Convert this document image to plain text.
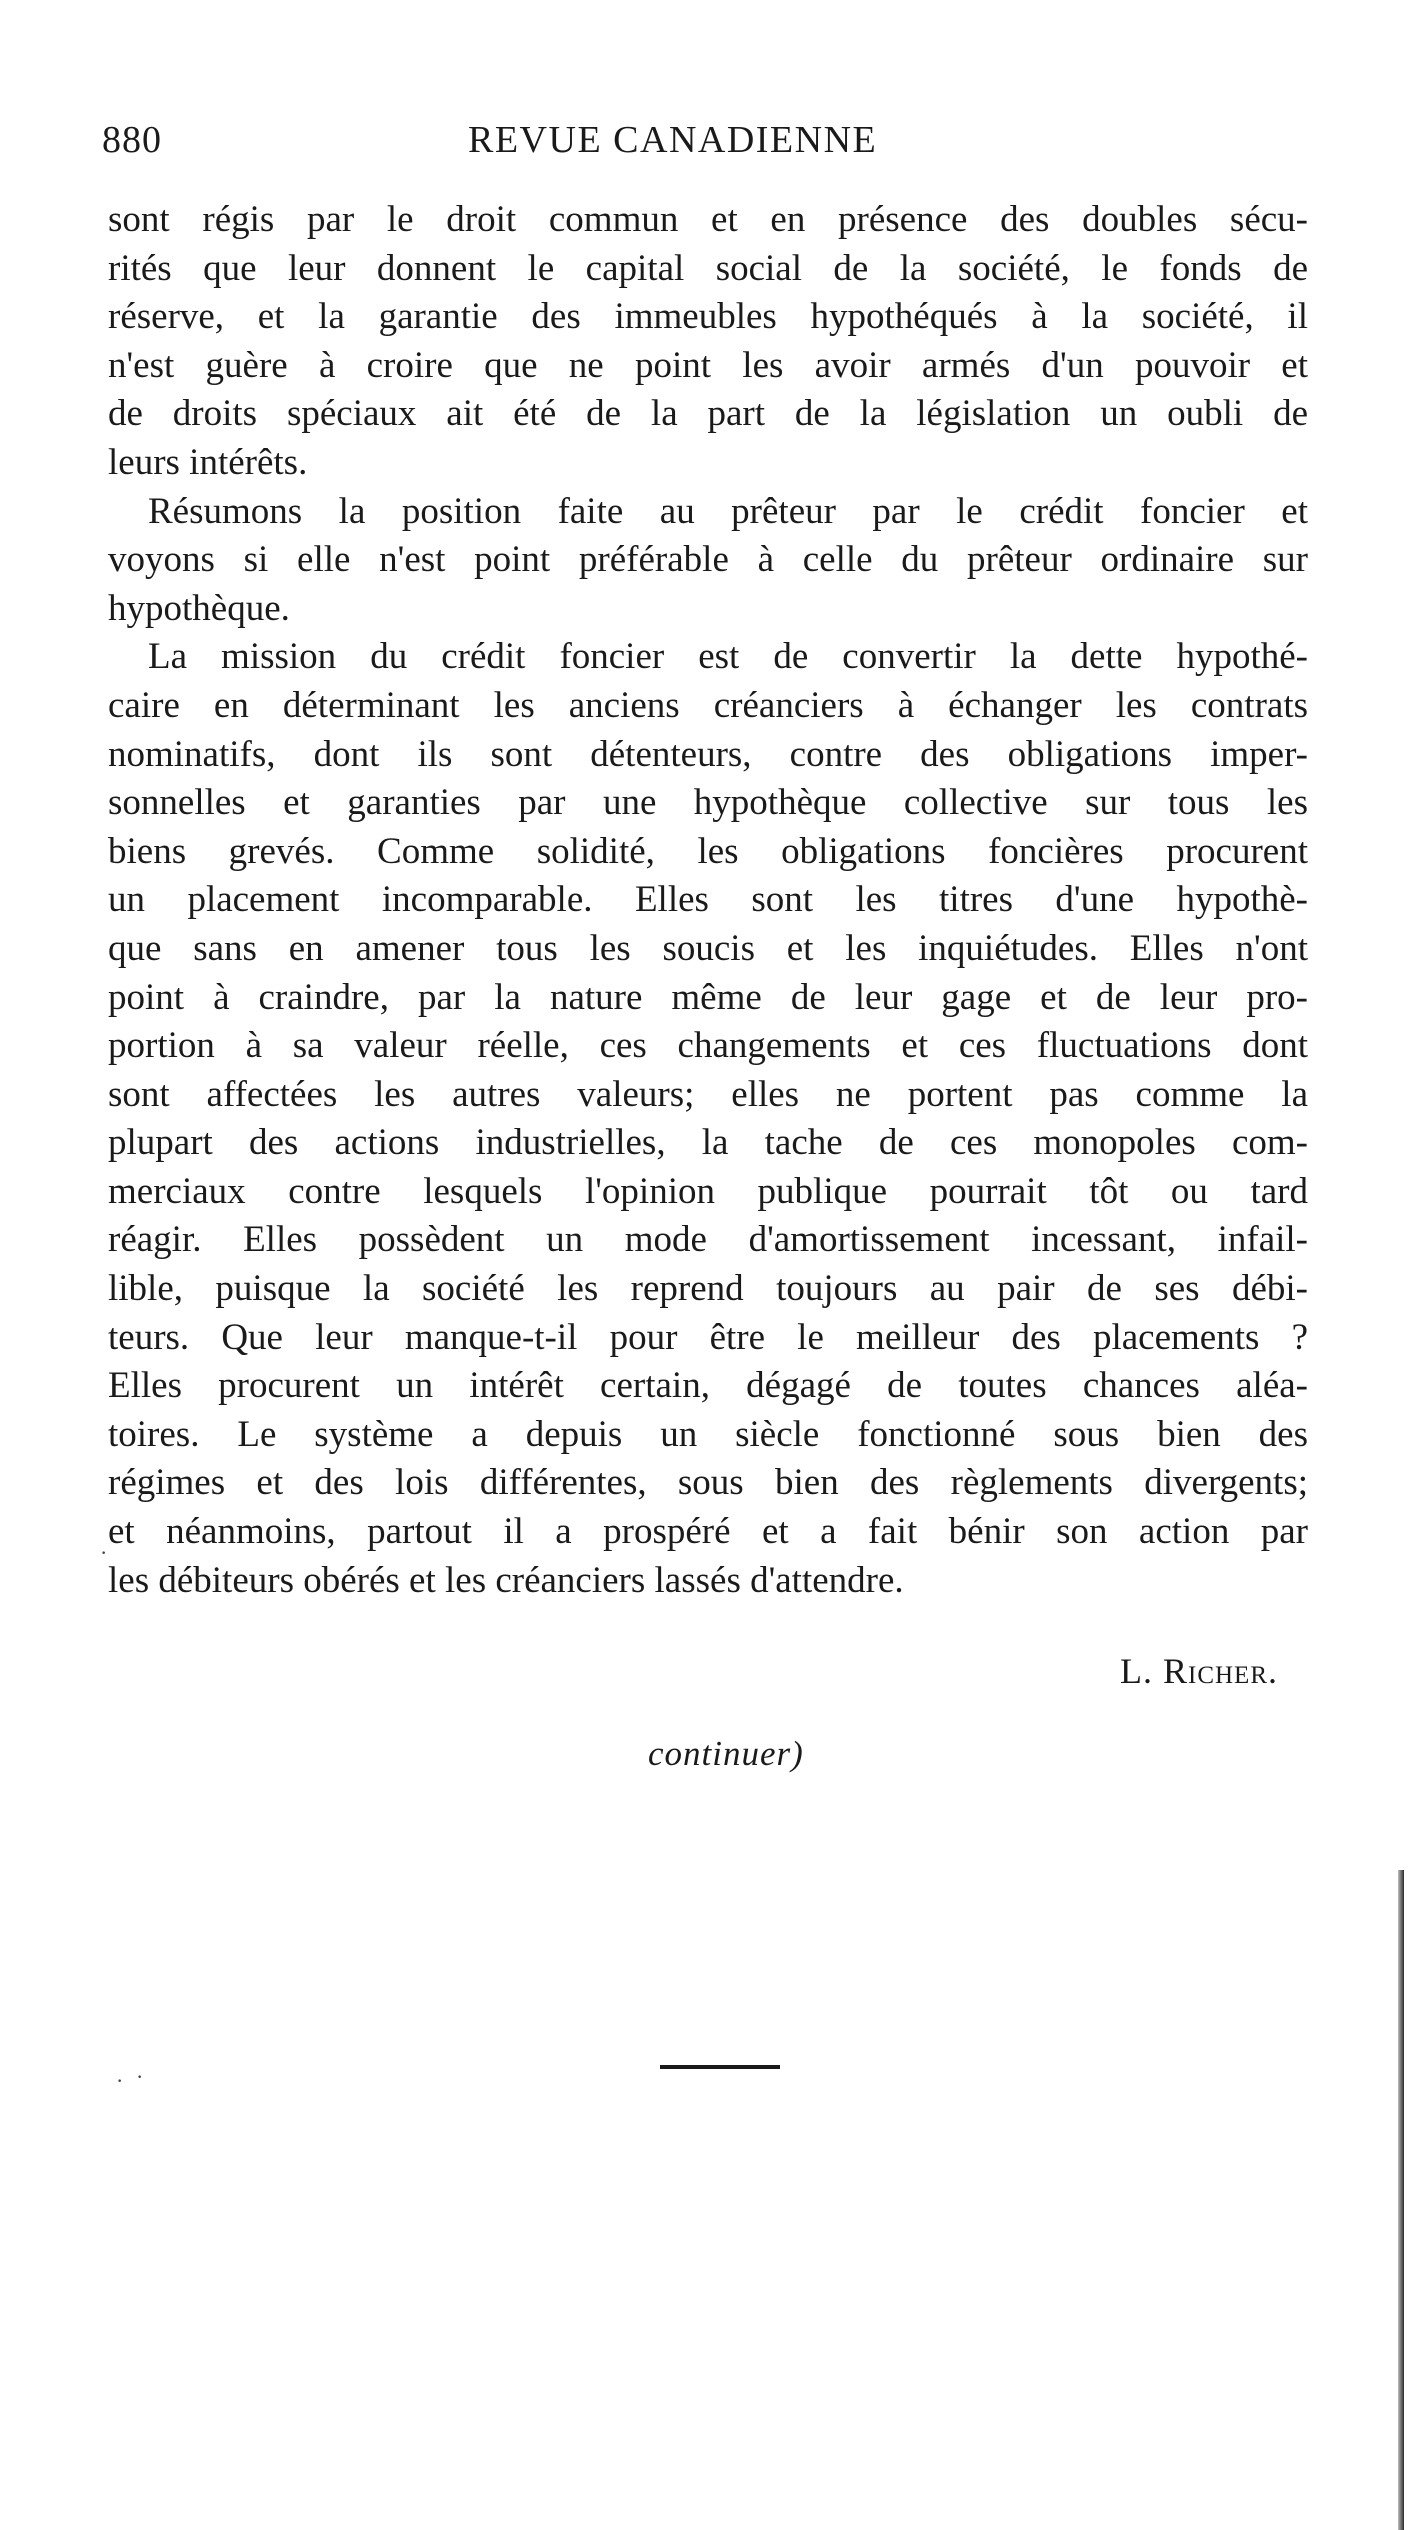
880	REVUE CANADIENNE
sont régis par le droit commun et en présence des doubles sécu-
rités que leur donnent le capital social de la société, le fonds de
réserve, et la garantie des immeubles hypothéqués à la société, il
n'est guère à croire que ne point les avoir armés d'un pouvoir et
de droits spéciaux ait été de la part de la législation un oubli de
leurs intérêts.
Résumons la position faite au prêteur par le crédit foncier et
voyons si elle n'est point préférable à celle du prêteur ordinaire sur
hypothèque.
La mission du crédit foncier est de convertir la dette hypothé-
caire en déterminant les anciens créanciers à échanger les contrats
nominatifs, dont ils sont détenteurs, contre des obligations imper-
sonnelles et garanties par une hypothèque collective sur tous les
biens grevés. Comme solidité, les obligations foncières procurent
un placement incomparable. Elles sont les titres d'une hypothè-
que sans en amener tous les soucis et les inquiétudes. Elles n'ont
point à craindre, par la nature même de leur gage et de leur pro-
portion à sa valeur réelle, ces changements et ces fluctuations dont
sont affectées les autres valeurs; elles ne portent pas comme la
plupart des actions industrielles, la tache de ces monopoles com-
merciaux contre lesquels l'opinion publique pourrait tôt ou tard
réagir. Elles possèdent un mode d'amortissement incessant, infail-
lible, puisque la société les reprend toujours au pair de ses débi-
teurs. Que leur manque-t-il pour être le meilleur des placements ?
Elles procurent un intérêt certain, dégagé de toutes chances aléa-
toires. Le système a depuis un siècle fonctionné sous bien des
régimes et des lois différentes, sous bien des règlements divergents;
et néanmoins, partout il a prospéré et a fait bénir son action par
les débiteurs obérés et les créanciers lassés d'attendre.
L. Richer.
continuer)
· ·
·
